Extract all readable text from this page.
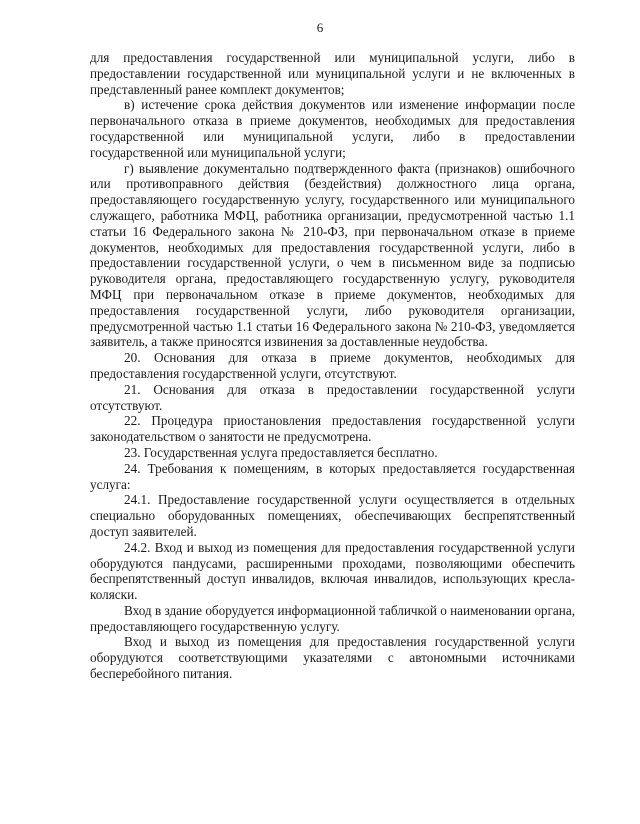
6

для предоставления государственной или муниципальной услуги, либо в предоставлении государственной или муниципальной услуги и не включенных в представленный ранее комплект документов;

в) истечение срока действия документов или изменение информации после первоначального отказа в приеме документов, необходимых для предоставления государственной или муниципальной услуги, либо в предоставлении государственной или муниципальной услуги;

г) выявление документально подтвержденного факта (признаков) ошибочного или противоправного действия (бездействия) должностного лица органа, предоставляющего государственную услугу, государственного или муниципального служащего, работника МФЦ, работника организации, предусмотренной частью 1.1 статьи 16 Федерального закона № 210-ФЗ, при первоначальном отказе в приеме документов, необходимых для предоставления государственной услуги, либо в предоставлении государственной услуги, о чем в письменном виде за подписью руководителя органа, предоставляющего государственную услугу, руководителя МФЦ при первоначальном отказе в приеме документов, необходимых для предоставления государственной услуги, либо руководителя организации, предусмотренной частью 1.1 статьи 16 Федерального закона № 210-ФЗ, уведомляется заявитель, а также приносятся извинения за доставленные неудобства.

20. Основания для отказа в приеме документов, необходимых для предоставления государственной услуги, отсутствуют.

21. Основания для отказа в предоставлении государственной услуги отсутствуют.

22. Процедура приостановления предоставления государственной услуги законодательством о занятости не предусмотрена.

23. Государственная услуга предоставляется бесплатно.

24. Требования к помещениям, в которых предоставляется государственная услуга:

24.1. Предоставление государственной услуги осуществляется в отдельных специально оборудованных помещениях, обеспечивающих беспрепятственный доступ заявителей.

24.2. Вход и выход из помещения для предоставления государственной услуги оборудуются пандусами, расширенными проходами, позволяющими обеспечить беспрепятственный доступ инвалидов, включая инвалидов, использующих кресла-коляски.

Вход в здание оборудуется информационной табличкой о наименовании органа, предоставляющего государственную услугу.

Вход и выход из помещения для предоставления государственной услуги оборудуются соответствующими указателями с автономными источниками бесперебойного питания.
